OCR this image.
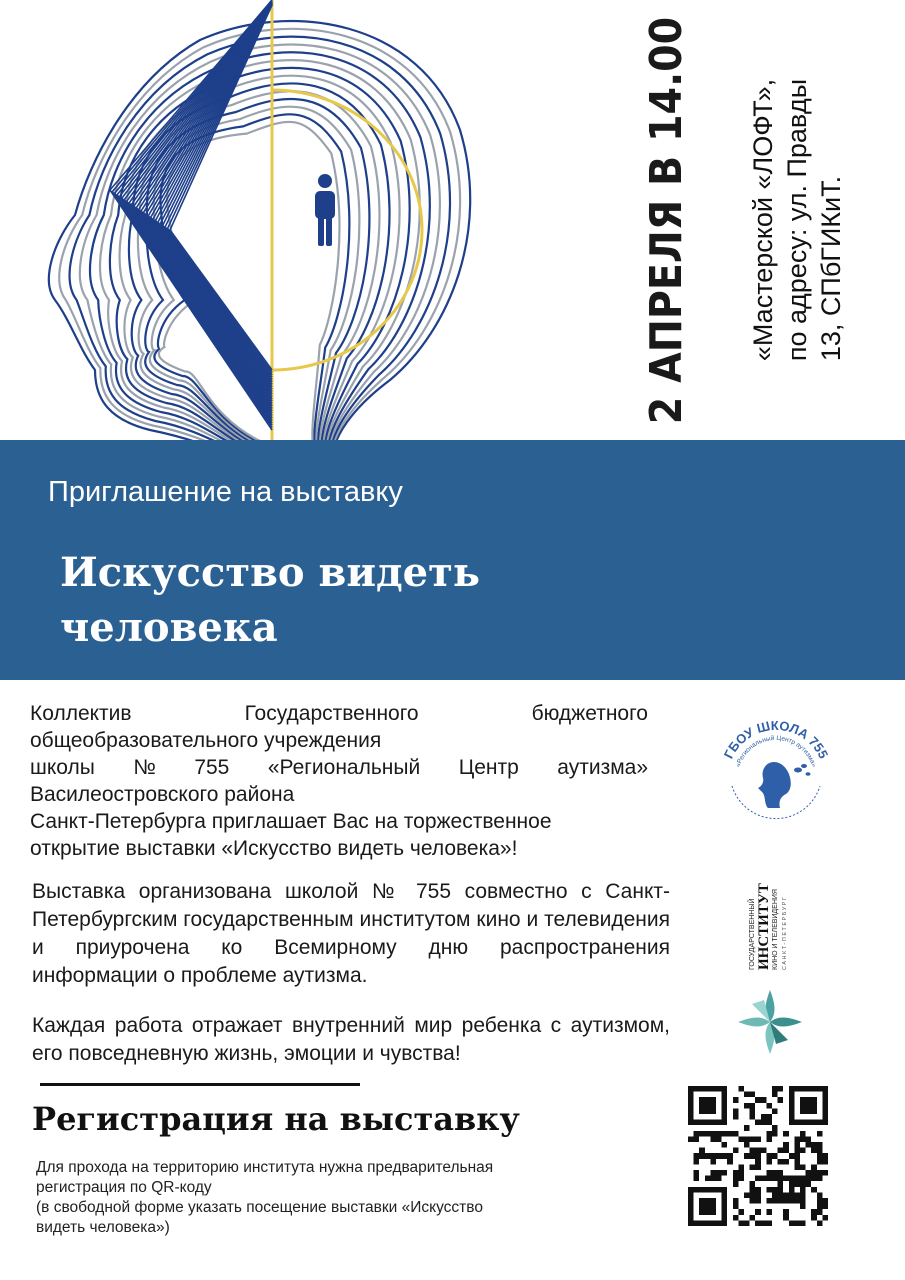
2 АПРЕЛЯ В 14.00 «Мастерской «ЛОФТ», по адресу: ул. Правды 13, СПбГИКиТ.
Приглашение на выставку
Искусство видеть
человека
Коллектив	Государственного	бюджетного
общеобразовательного учреждения
школы № 755 «Региональный Центр аутизма»
Василеостровского района
Санкт-Петербурга приглашает Вас на торжественное
открытие выставки «Искусство видеть человека»!
Выставка организована школой № 755 совместно с Санкт-Петербургским государственным институтом кино и телевидения и приурочена ко Всемирному дню распространения информации о проблеме аутизма.
Каждая работа отражает внутренний мир ребенка с аутизмом, его повседневную жизнь, эмоции и чувства!
Регистрация на выставку
Для прохода на территорию института нужна предварительная
регистрация по QR-коду
(в свободной форме указать посещение выставки «Искусство
видеть человека»)
ГБОУ ШКОЛА 755
«Региональный Центр аутизма»
ГОСУДАРСТВЕННЫЙ ИНСТИТУТ КИНО И ТЕЛЕВИДЕНИЯ САНКТ-ПЕТЕРБУРГ
